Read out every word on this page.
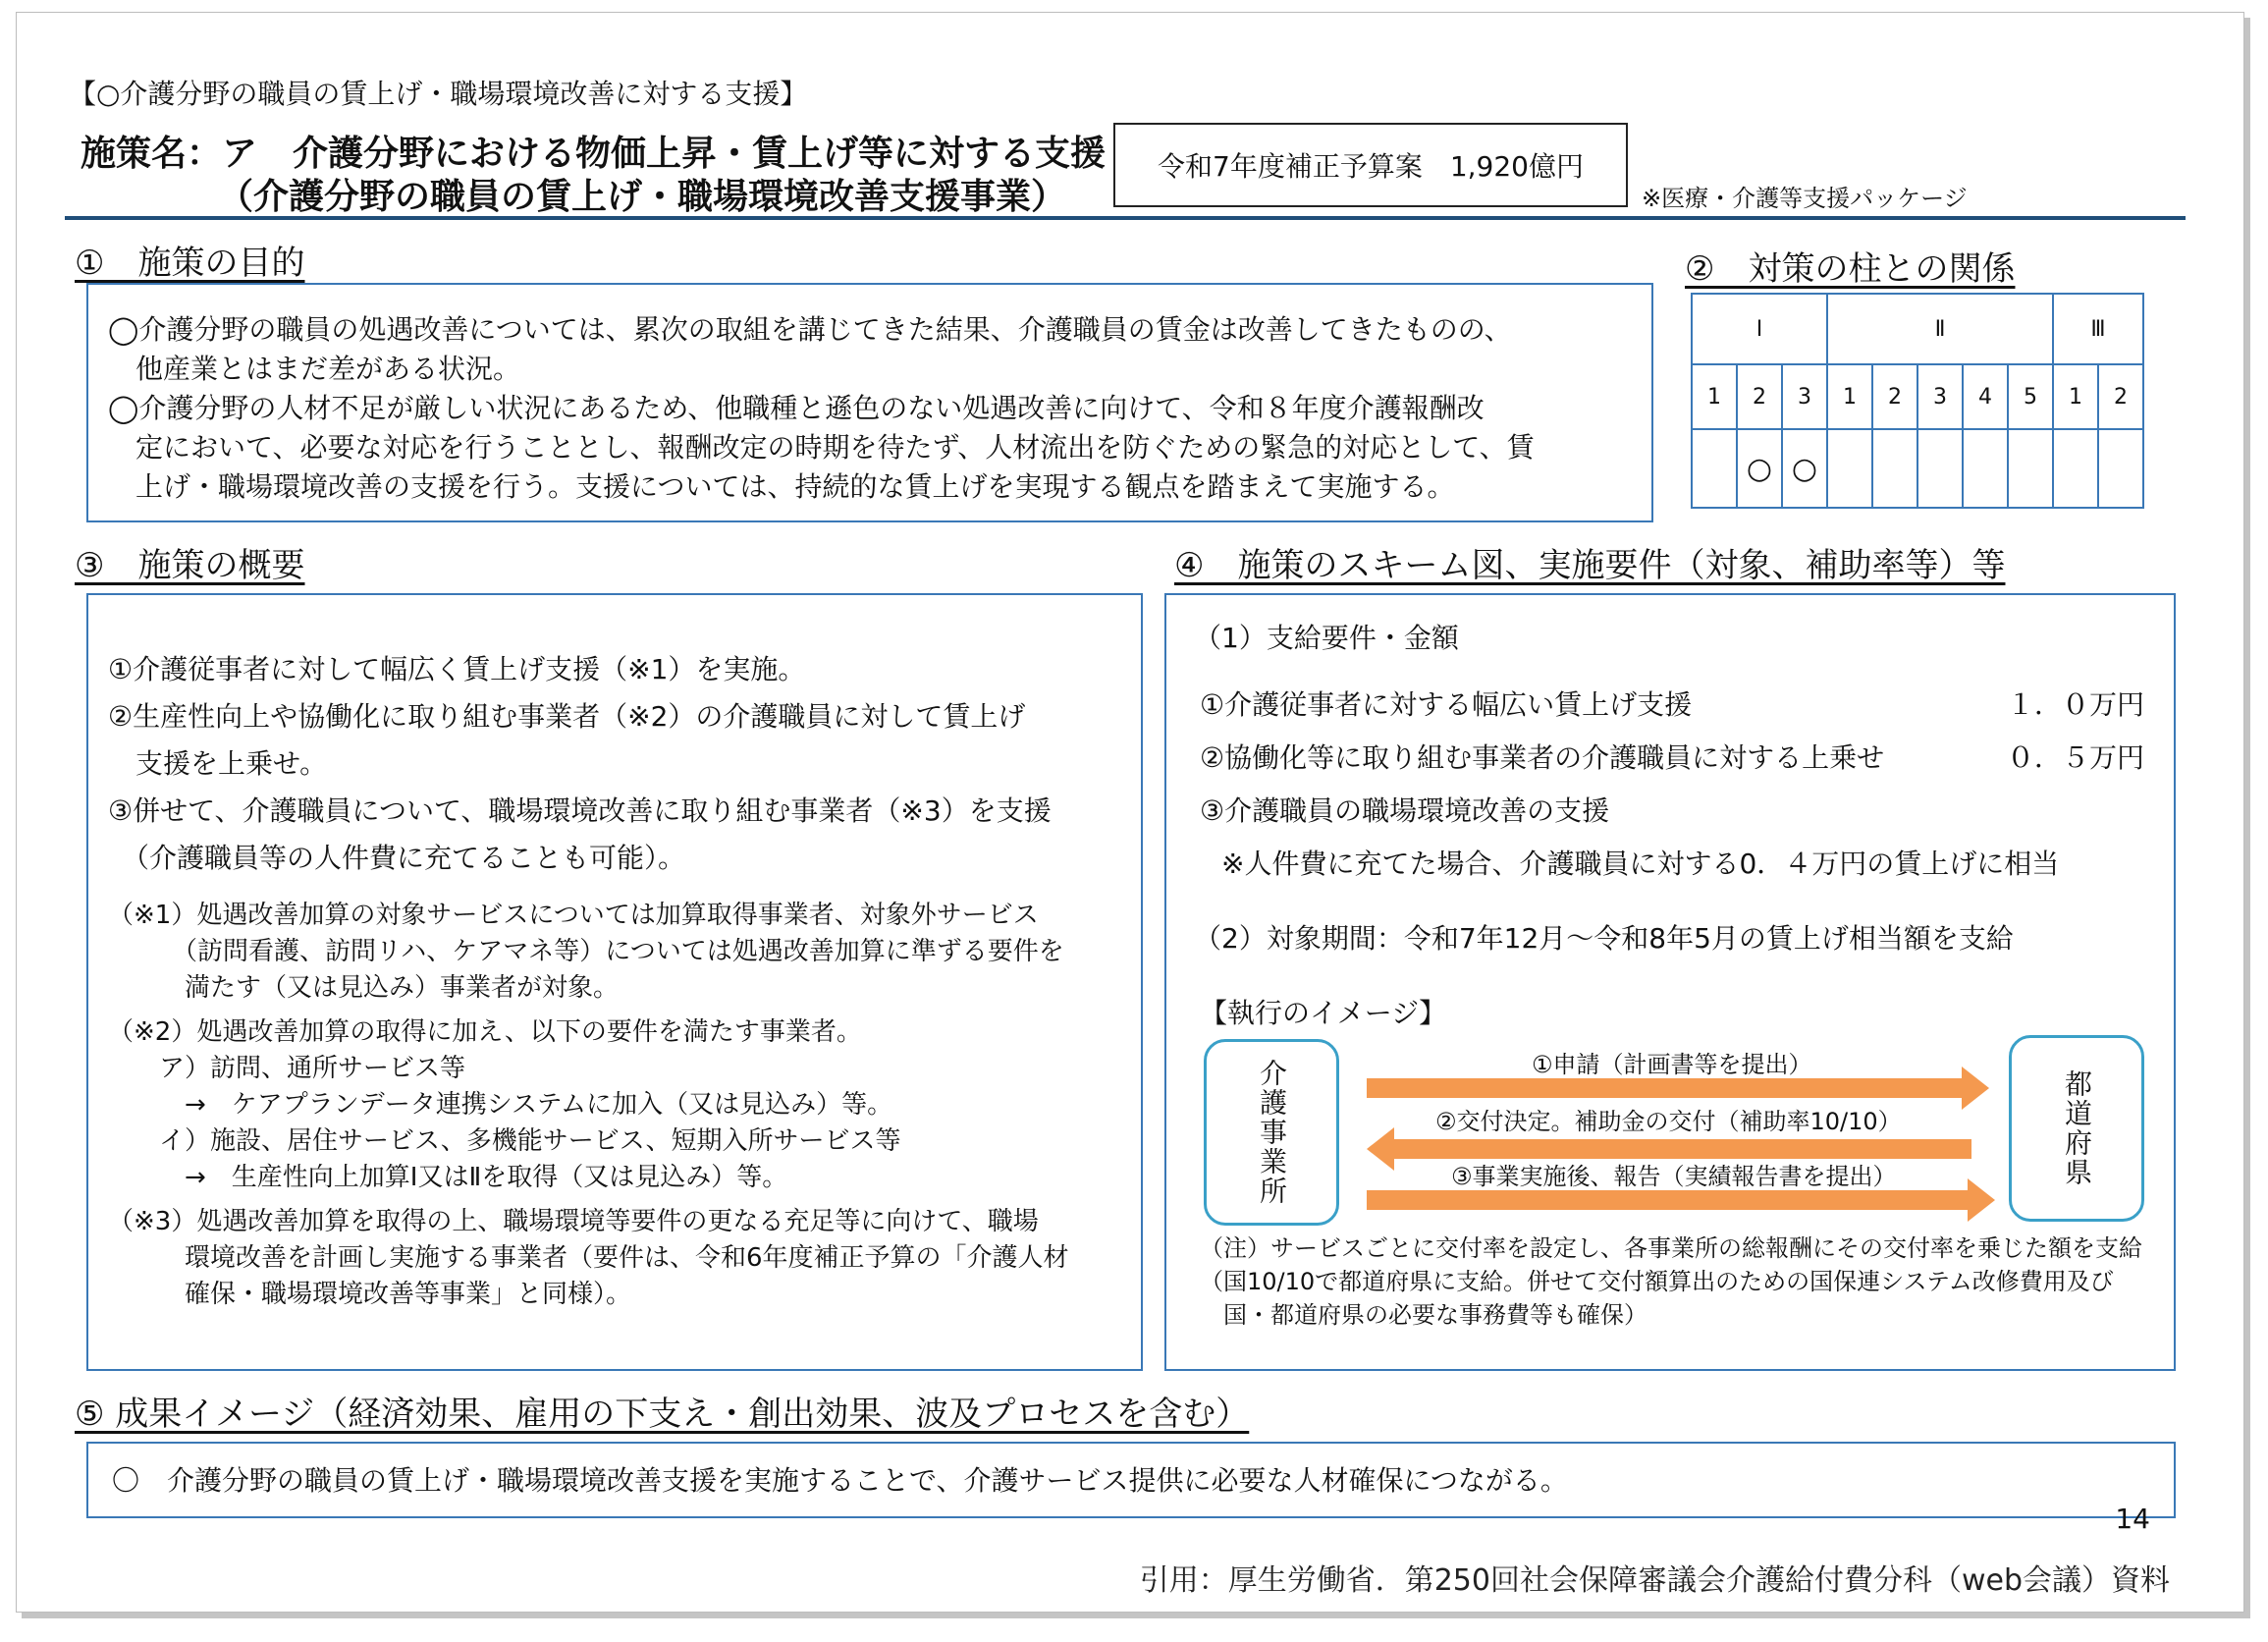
【○介護分野の職員の賃上げ・職場環境改善に対する支援】
施策名：ア　介護分野における物価上昇・賃上げ等に対する支援
（介護分野の職員の賃上げ・職場環境改善支援事業）
令和7年度補正予算案　1,920億円
※医療・介護等支援パッケージ
①　施策の目的
◯介護分野の職員の処遇改善については、累次の取組を講じてきた結果、介護職員の賃金は改善してきたものの、
　他産業とはまだ差がある状況。
◯介護分野の人材不足が厳しい状況にあるため、他職種と遜色のない処遇改善に向けて、令和８年度介護報酬改
　定において、必要な対応を行うこととし、報酬改定の時期を待たず、人材流出を防ぐための緊急的対応として、賃
　上げ・職場環境改善の支援を行う。支援については、持続的な賃上げを実現する観点を踏まえて実施する。
②　対策の柱との関係
Ⅰ			Ⅱ					Ⅲ	
1	2	3	1	2	3	4	5	1	2
	○	○							
③　施策の概要
①介護従事者に対して幅広く賃上げ支援（※1）を実施。
②生産性向上や協働化に取り組む事業者（※2）の介護職員に対して賃上げ
　支援を上乗せ。
③併せて、介護職員について、職場環境改善に取り組む事業者（※3）を支援
　（介護職員等の人件費に充てることも可能）。
（※1）処遇改善加算の対象サービスについては加算取得事業者、対象外サービス
　　　（訪問看護、訪問リハ、ケアマネ等）については処遇改善加算に準ずる要件を
　　　満たす（又は見込み）事業者が対象。
（※2）処遇改善加算の取得に加え、以下の要件を満たす事業者。
　　ア）訪問、通所サービス等
　　　→　ケアプランデータ連携システムに加入（又は見込み）等。
　　イ）施設、居住サービス、多機能サービス、短期入所サービス等
　　　→　生産性向上加算Ⅰ又はⅡを取得（又は見込み）等。
（※3）処遇改善加算を取得の上、職場環境等要件の更なる充足等に向けて、職場
　　　環境改善を計画し実施する事業者（要件は、令和6年度補正予算の「介護人材
　　　確保・職場環境改善等事業」と同様）。
④　施策のスキーム図、実施要件（対象、補助率等）等
（1）支給要件・金額
①介護従事者に対する幅広い賃上げ支援	１．０万円
②協働化等に取り組む事業者の介護職員に対する上乗せ	０．５万円
③介護職員の職場環境改善の支援
※人件費に充てた場合、介護職員に対する0．４万円の賃上げに相当
（2）対象期間：令和7年12月～令和8年5月の賃上げ相当額を支給
【執行のイメージ】
介護事業所	都道府県
①申請（計画書等を提出）
②交付決定。補助金の交付（補助率10/10）
③事業実施後、報告（実績報告書を提出）
（注）サービスごとに交付率を設定し、各事業所の総報酬にその交付率を乗じた額を支給
（国10/10で都道府県に支給。併せて交付額算出のための国保連システム改修費用及び
　国・都道府県の必要な事務費等も確保）
⑤ 成果イメージ（経済効果、雇用の下支え・創出効果、波及プロセスを含む）
〇　介護分野の職員の賃上げ・職場環境改善支援を実施することで、介護サービス提供に必要な人材確保につながる。
14
引用：厚生労働省．第250回社会保障審議会介護給付費分科（web会議）資料
